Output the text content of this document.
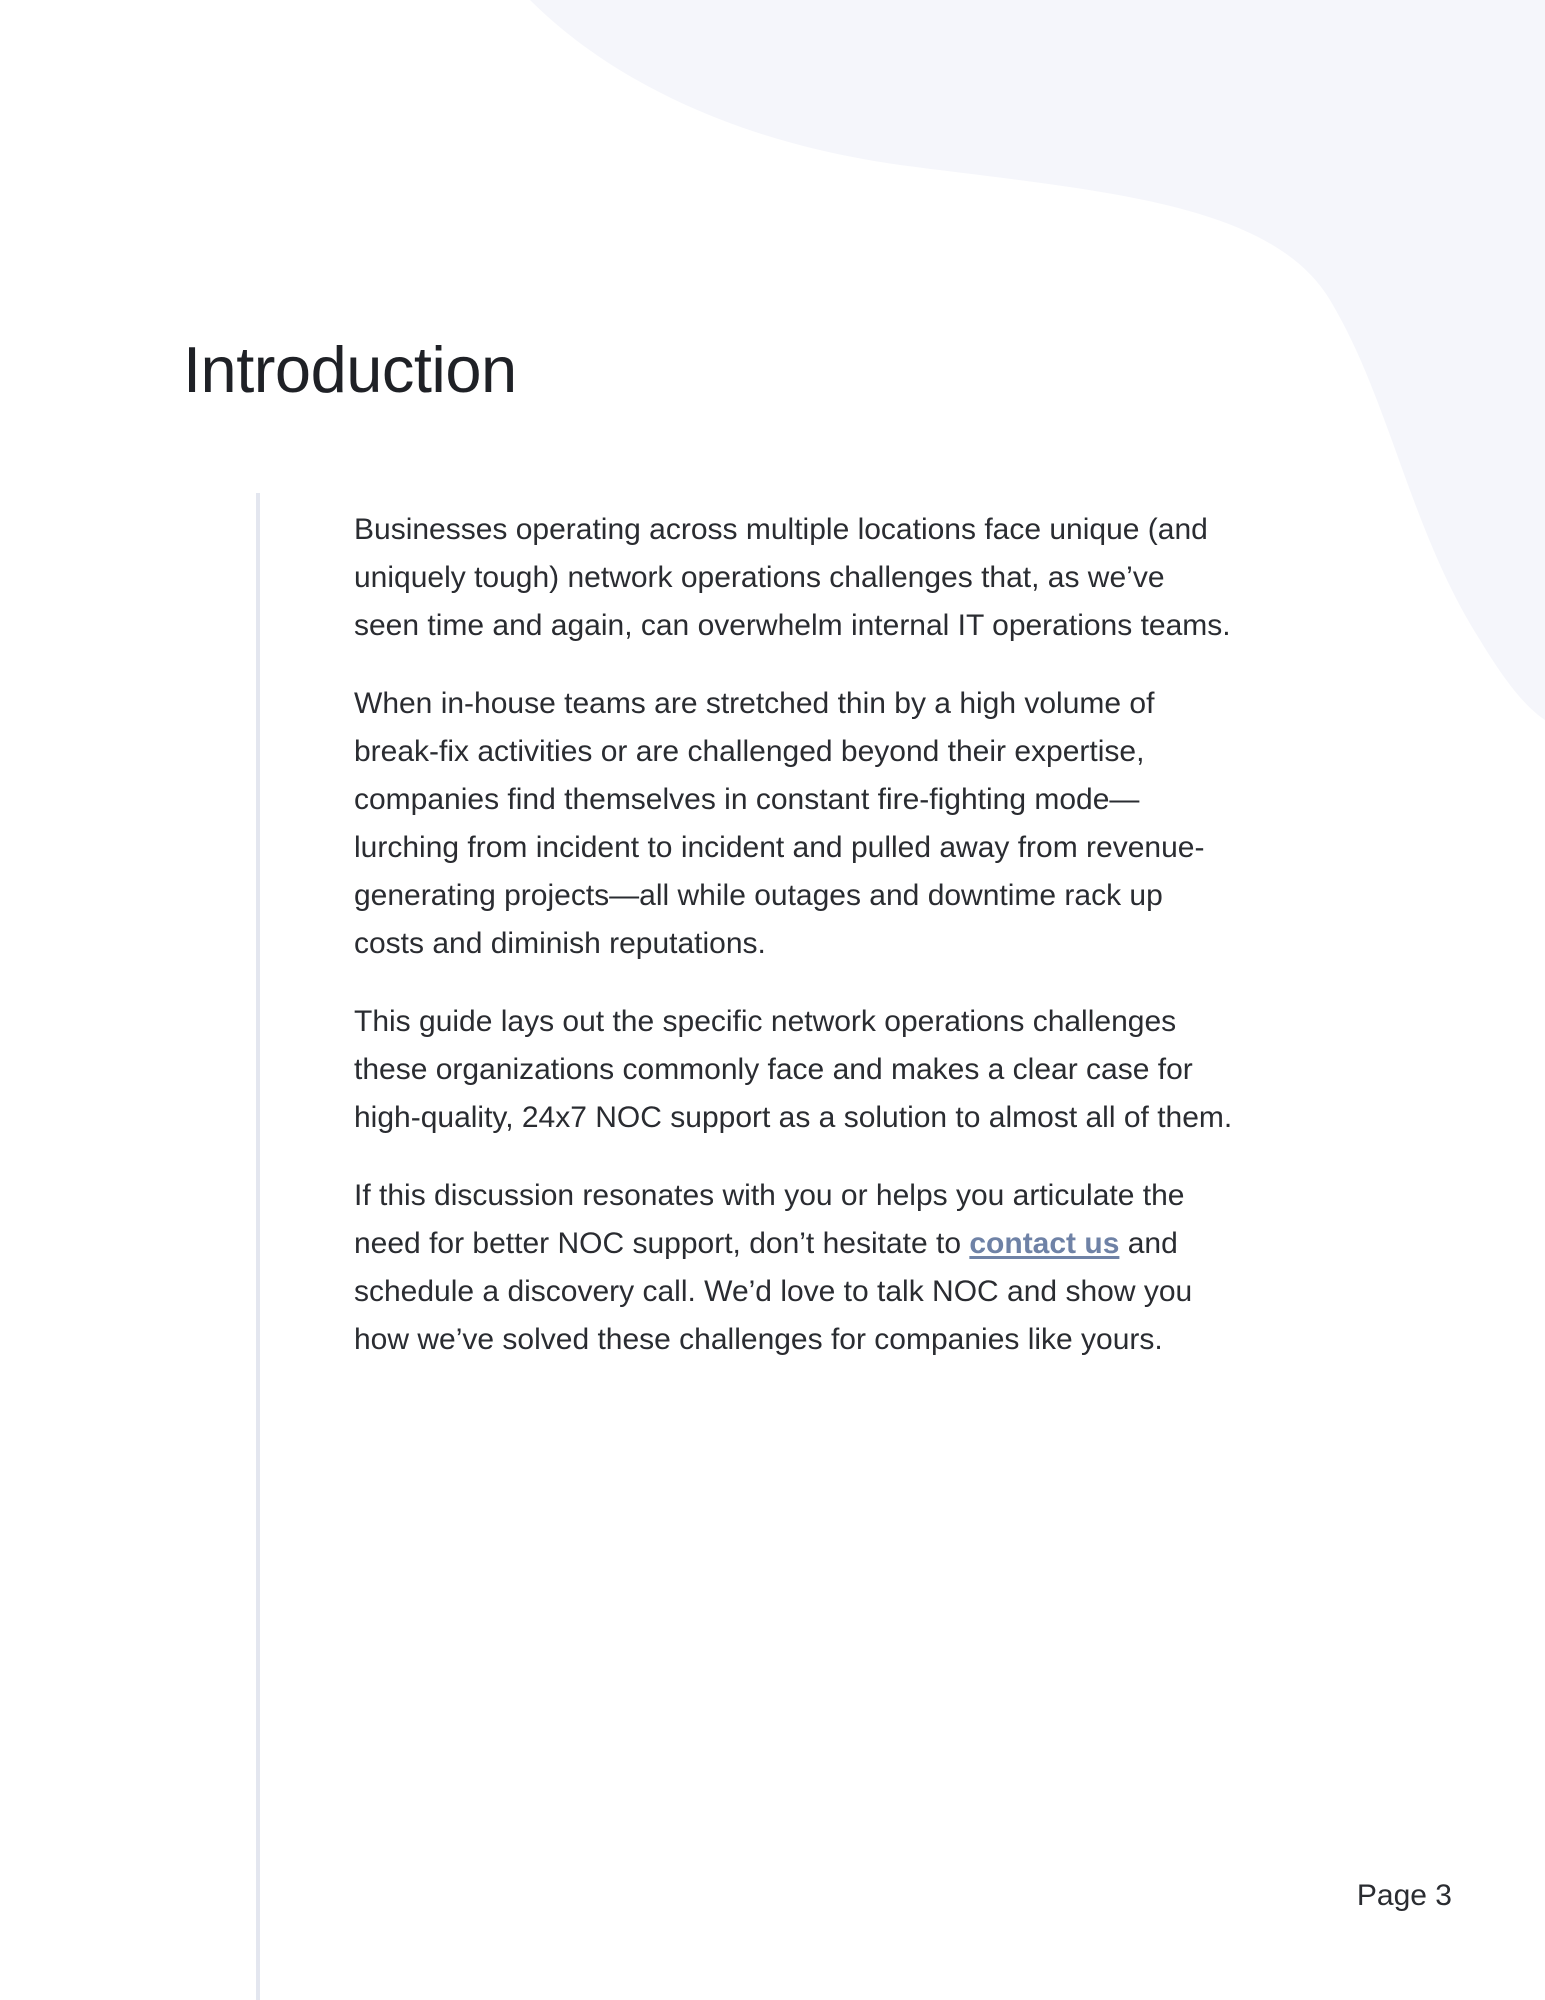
Introduction

Businesses operating across multiple locations face unique (and uniquely tough) network operations challenges that, as we’ve seen time and again, can overwhelm internal IT operations teams.

When in-house teams are stretched thin by a high volume of break-fix activities or are challenged beyond their expertise, companies find themselves in constant fire-fighting mode—lurching from incident to incident and pulled away from revenue-generating projects—all while outages and downtime rack up costs and diminish reputations.

This guide lays out the specific network operations challenges these organizations commonly face and makes a clear case for high-quality, 24x7 NOC support as a solution to almost all of them.

If this discussion resonates with you or helps you articulate the need for better NOC support, don’t hesitate to contact us and schedule a discovery call. We’d love to talk NOC and show you how we’ve solved these challenges for companies like yours.

Page 3
